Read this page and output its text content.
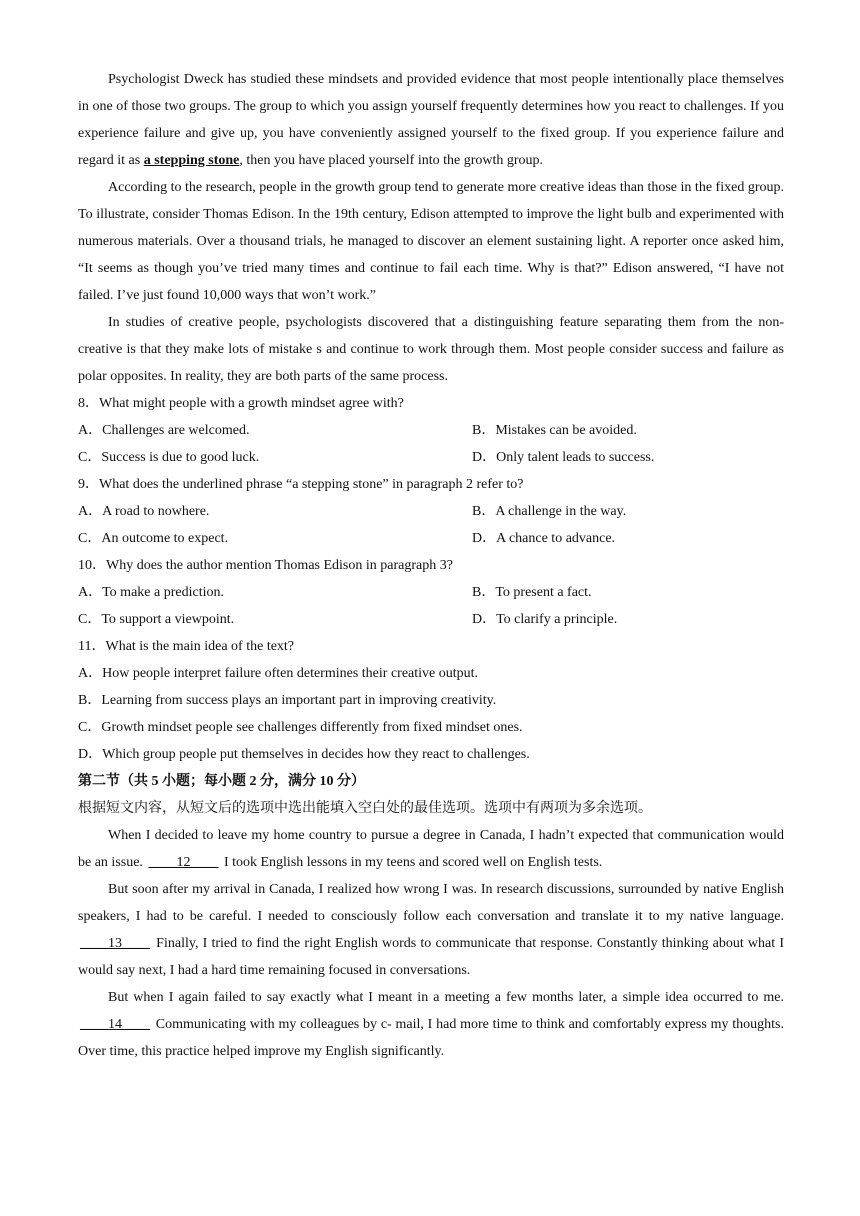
Psychologist Dweck has studied these mindsets and provided evidence that most people intentionally place themselves in one of those two groups. The group to which you assign yourself frequently determines how you react to challenges. If you experience failure and give up, you have conveniently assigned yourself to the fixed group. If you experience failure and regard it as a stepping stone, then you have placed yourself into the growth group.
According to the research, people in the growth group tend to generate more creative ideas than those in the fixed group. To illustrate, consider Thomas Edison. In the 19th century, Edison attempted to improve the light bulb and experimented with numerous materials. Over a thousand trials, he managed to discover an element sustaining light. A reporter once asked him, “It seems as though you’ve tried many times and continue to fail each time. Why is that?” Edison answered, “I have not failed. I’ve just found 10,000 ways that won’t work.”
In studies of creative people, psychologists discovered that a distinguishing feature separating them from the non-creative is that they make lots of mistake s and continue to work through them. Most people consider success and failure as polar opposites. In reality, they are both parts of the same process.
8．What might people with a growth mindset agree with?
A．Challenges are welcomed.	B．Mistakes can be avoided.
C．Success is due to good luck.	D．Only talent leads to success.
9．What does the underlined phrase “a stepping stone” in paragraph 2 refer to?
A．A road to nowhere.	B．A challenge in the way.
C．An outcome to expect.	D．A chance to advance.
10．Why does the author mention Thomas Edison in paragraph 3?
A．To make a prediction.	B．To present a fact.
C．To support a viewpoint.	D．To clarify a principle.
11．What is the main idea of the text?
A．How people interpret failure often determines their creative output.
B．Learning from success plays an important part in improving creativity.
C．Growth mindset people see challenges differently from fixed mindset ones.
D．Which group people put themselves in decides how they react to challenges.
第二节（共 5 小题；每小题 2 分，满分 10 分）
根据短文内容，从短文后的选项中选出能填入空白处的最佳选项。选项中有两项为多余选项。
When I decided to leave my home country to pursue a degree in Canada, I hadn’t expected that communication would be an issue. ____12____ I took English lessons in my teens and scored well on English tests.
But soon after my arrival in Canada, I realized how wrong I was. In research discussions, surrounded by native English speakers, I had to be careful. I needed to consciously follow each conversation and translate it to my native language. ____13____ Finally, I tried to find the right English words to communicate that response. Constantly thinking about what I would say next, I had a hard time remaining focused in conversations.
But when I again failed to say exactly what I meant in a meeting a few months later, a simple idea occurred to me. ____14____ Communicating with my colleagues by c- mail, I had more time to think and comfortably express my thoughts. Over time, this practice helped improve my English significantly.
